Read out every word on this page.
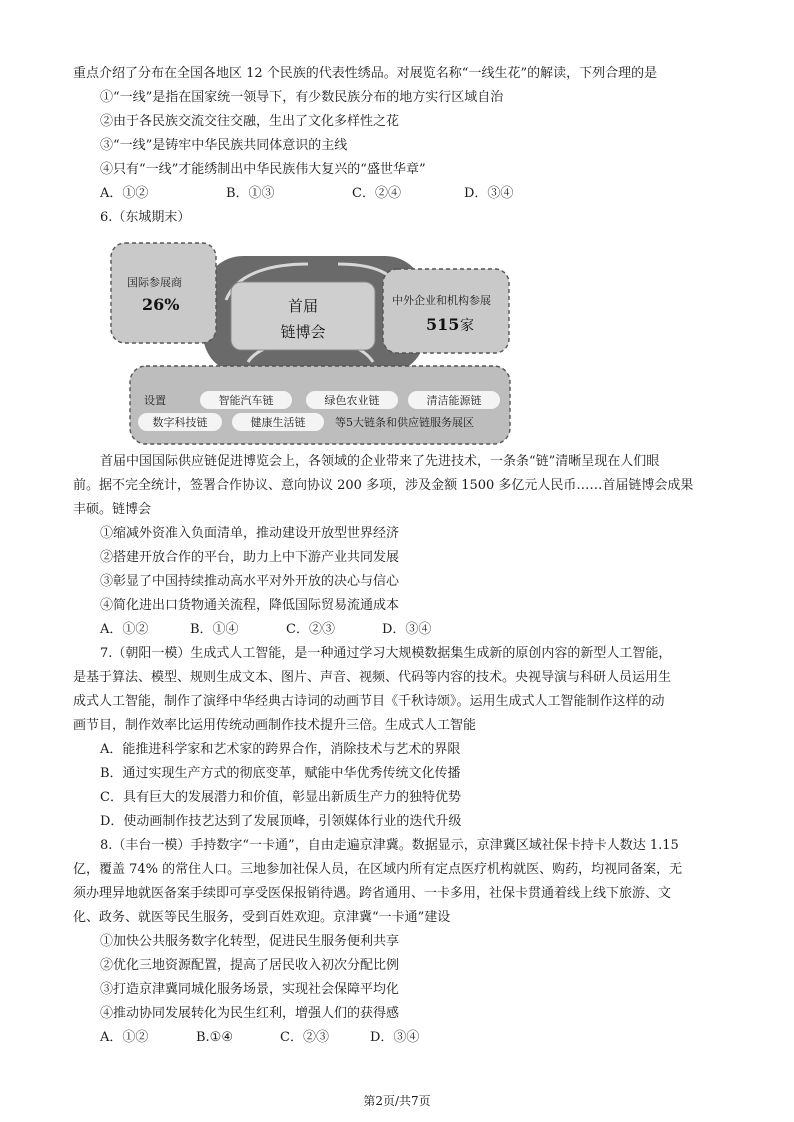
重点介绍了分布在全国各地区 12 个民族的代表性绣品。对展览名称“一线生花”的解读，下列合理的是
①“一线”是指在国家统一领导下，有少数民族分布的地方实行区域自治
②由于各民族交流交往交融，生出了文化多样性之花
③“一线”是铸牢中华民族共同体意识的主线
④只有“一线”才能绣制出中华民族伟大复兴的“盛世华章”
A．①②	B．①③	C．②④	D．③④
6.（东城期末）
国际参展商
26%	首届
链博会
中外企业和机构参展
515 家
设置	智能汽车链	绿色农业链	清洁能源链
数字科技链	健康生活链	等5大链条和供应链服务展区
首届中国国际供应链促进博览会上，各领域的企业带来了先进技术，一条条“链”清晰呈现在人们眼
前。据不完全统计，签署合作协议、意向协议 200 多项，涉及金额 1500 多亿元人民币……首届链博会成果
丰硕。链博会
①缩减外资准入负面清单，推动建设开放型世界经济
②搭建开放合作的平台，助力上中下游产业共同发展
③彰显了中国持续推动高水平对外开放的决心与信心
④简化进出口货物通关流程，降低国际贸易流通成本
A．①②	B．①④	C．②③	D．③④
7.（朝阳一模）生成式人工智能，是一种通过学习大规模数据集生成新的原创内容的新型人工智能，
是基于算法、模型、规则生成文本、图片、声音、视频、代码等内容的技术。央视导演与科研人员运用生
成式人工智能，制作了演绎中华经典古诗词的动画节目《千秋诗颂》。运用生成式人工智能制作这样的动
画节目，制作效率比运用传统动画制作技术提升三倍。生成式人工智能
A．能推进科学家和艺术家的跨界合作，消除技术与艺术的界限
B．通过实现生产方式的彻底变革，赋能中华优秀传统文化传播
C．具有巨大的发展潜力和价值，彰显出新质生产力的独特优势
D．使动画制作技艺达到了发展顶峰，引领媒体行业的迭代升级
8.（丰台一模）手持数字“一卡通”，自由走遍京津冀。数据显示，京津冀区域社保卡持卡人数达 1.15
亿，覆盖 74% 的常住人口。三地参加社保人员，在区域内所有定点医疗机构就医、购药，均视同备案，无
须办理异地就医备案手续即可享受医保报销待遇。跨省通用、一卡多用，社保卡贯通着线上线下旅游、文
化、政务、就医等民生服务，受到百姓欢迎。京津冀“一卡通”建设
①加快公共服务数字化转型，促进民生服务便利共享
②优化三地资源配置，提高了居民收入初次分配比例
③打造京津冀同城化服务场景，实现社会保障平均化
④推动协同发展转化为民生红利，增强人们的获得感
A．①②	B.①④	C．②③	D．③④
第2页/共7页
